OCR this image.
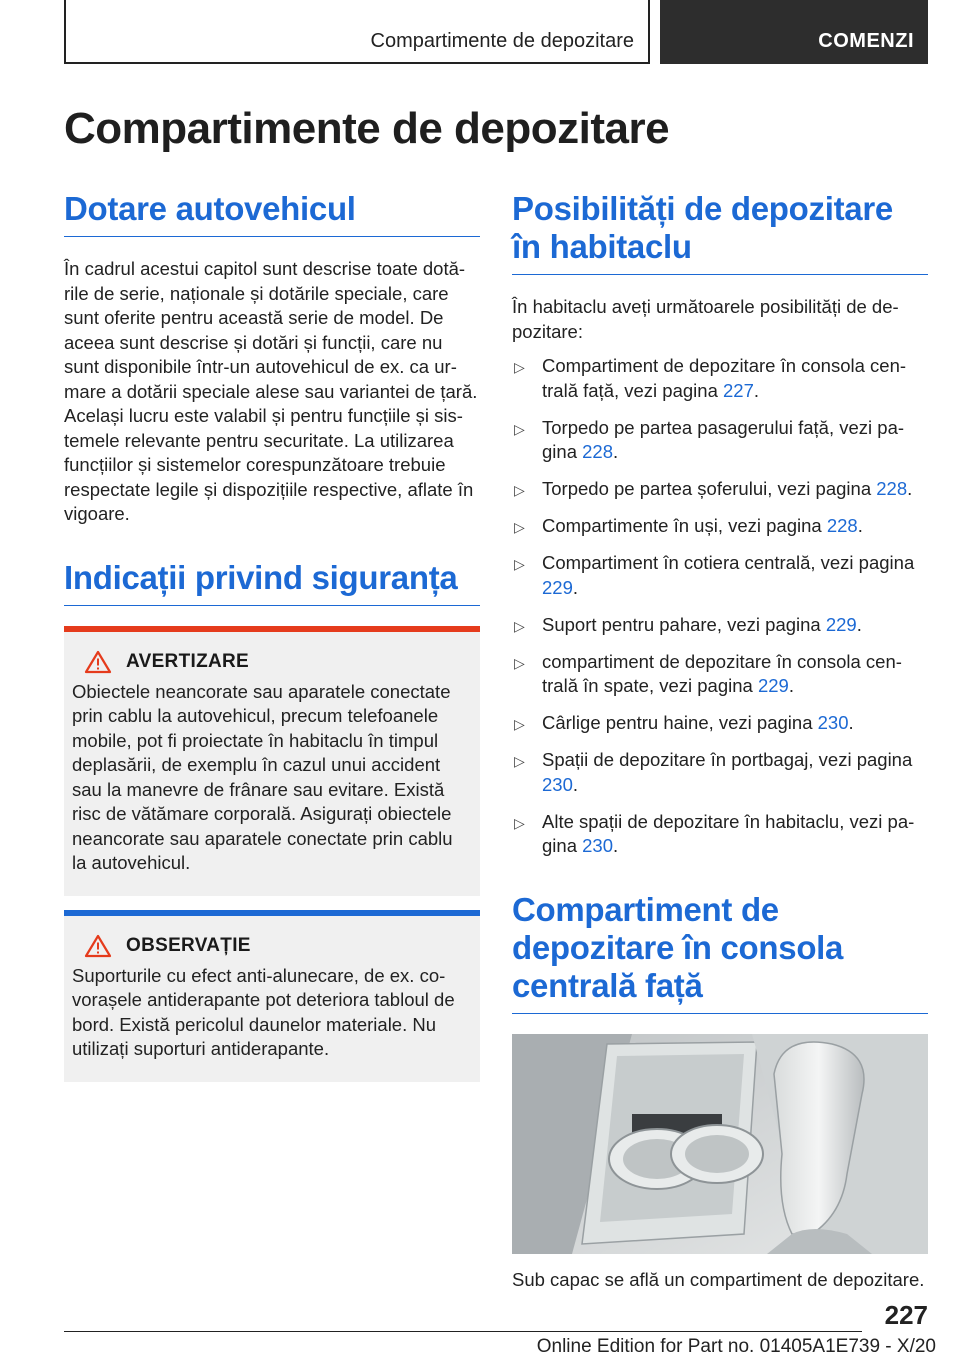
Compartimente de depozitare	COMENZI
Compartimente de depozitare
Dotare autovehicul

În cadrul acestui capitol sunt descrise toate dotările de serie, naționale și dotările speciale, care sunt oferite pentru această serie de model. De aceea sunt descrise și dotări și funcții, care nu sunt disponibile într-un autovehicul de ex. ca urmare a dotării speciale alese sau variantei de țară. Același lucru este valabil și pentru funcțiile și sistemele relevante pentru securitate. La utilizarea funcțiilor și sistemelor corespunzătoare trebuie respectate legile și dispozițiile respective, aflate în vigoare.

Indicații privind siguranța
AVERTIZARE

Obiectele neancorate sau aparatele conectate prin cablu la autovehicul, precum telefoanele mobile, pot fi proiectate în habitaclu în timpul deplasării, de exemplu în cazul unui accident sau la manevre de frânare sau evitare. Există risc de vătămare corporală. Asigurați obiectele neancorate sau aparatele conectate prin cablu la autovehicul.

OBSERVAȚIE

Suporturile cu efect anti-alunecare, de ex. covorașele antiderapante pot deteriora tabloul de bord. Există pericolul daunelor materiale. Nu utilizați suporturi antiderapante.

Posibilități de depozitare în habitaclu

În habitaclu aveți următoarele posibilități de depozitare:

▷ Compartiment de depozitare în consola centrală față, vezi pagina 227.
▷ Torpedo pe partea pasagerului față, vezi pagina 228.
▷ Torpedo pe partea șoferului, vezi pagina 228.
▷ Compartimente în uși, vezi pagina 228.
▷ Compartiment în cotiera centrală, vezi pagina 229.
▷ Suport pentru pahare, vezi pagina 229.
▷ compartiment de depozitare în consola centrală în spate, vezi pagina 229.
▷ Cârlige pentru haine, vezi pagina 230.
▷ Spații de depozitare în portbagaj, vezi pagina 230.
▷ Alte spații de depozitare în habitaclu, vezi pagina 230.
Compartiment de depozitare în consola centrală față

Sub capac se află un compartiment de depozitare.

227
Online Edition for Part no. 01405A1E739 - X/20
